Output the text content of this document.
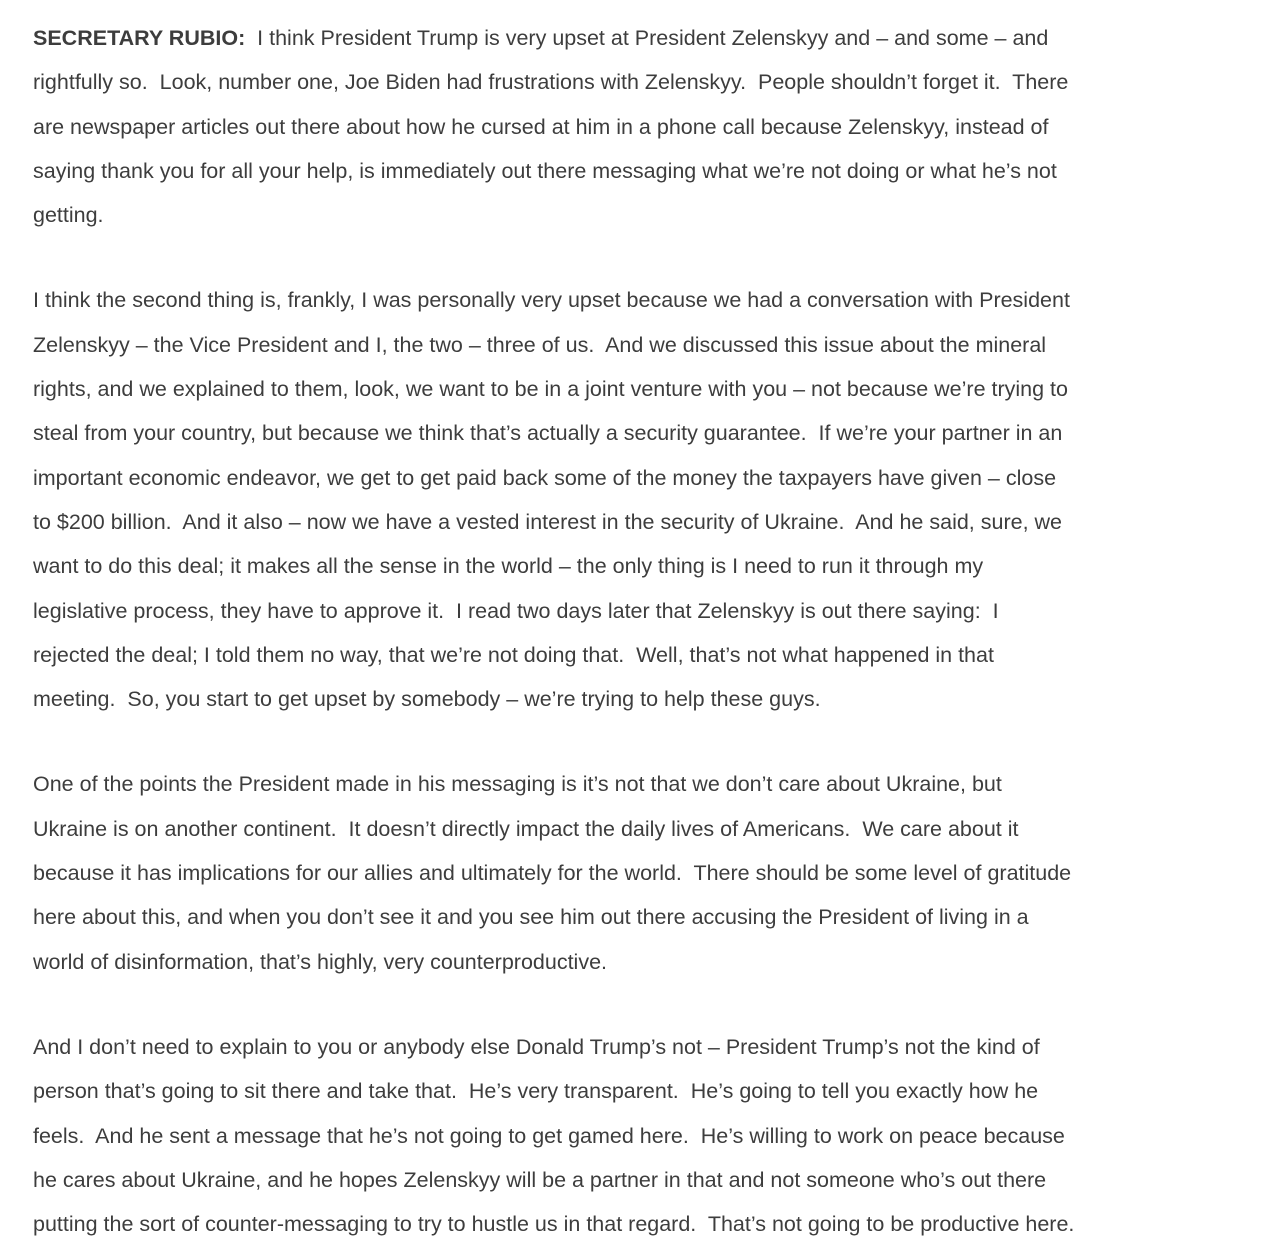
SECRETARY RUBIO:  I think President Trump is very upset at President Zelenskyy and – and some – and
rightfully so.  Look, number one, Joe Biden had frustrations with Zelenskyy.  People shouldn’t forget it.  There
are newspaper articles out there about how he cursed at him in a phone call because Zelenskyy, instead of
saying thank you for all your help, is immediately out there messaging what we’re not doing or what he’s not
getting.
I think the second thing is, frankly, I was personally very upset because we had a conversation with President
Zelenskyy – the Vice President and I, the two – three of us.  And we discussed this issue about the mineral
rights, and we explained to them, look, we want to be in a joint venture with you – not because we’re trying to
steal from your country, but because we think that’s actually a security guarantee.  If we’re your partner in an
important economic endeavor, we get to get paid back some of the money the taxpayers have given – close
to $200 billion.  And it also – now we have a vested interest in the security of Ukraine.  And he said, sure, we
want to do this deal; it makes all the sense in the world – the only thing is I need to run it through my
legislative process, they have to approve it.  I read two days later that Zelenskyy is out there saying:  I
rejected the deal; I told them no way, that we’re not doing that.  Well, that’s not what happened in that
meeting.  So, you start to get upset by somebody – we’re trying to help these guys.
One of the points the President made in his messaging is it’s not that we don’t care about Ukraine, but
Ukraine is on another continent.  It doesn’t directly impact the daily lives of Americans.  We care about it
because it has implications for our allies and ultimately for the world.  There should be some level of gratitude
here about this, and when you don’t see it and you see him out there accusing the President of living in a
world of disinformation, that’s highly, very counterproductive.
And I don’t need to explain to you or anybody else Donald Trump’s not – President Trump’s not the kind of
person that’s going to sit there and take that.  He’s very transparent.  He’s going to tell you exactly how he
feels.  And he sent a message that he’s not going to get gamed here.  He’s willing to work on peace because
he cares about Ukraine, and he hopes Zelenskyy will be a partner in that and not someone who’s out there
putting the sort of counter-messaging to try to hustle us in that regard.  That’s not going to be productive here.
